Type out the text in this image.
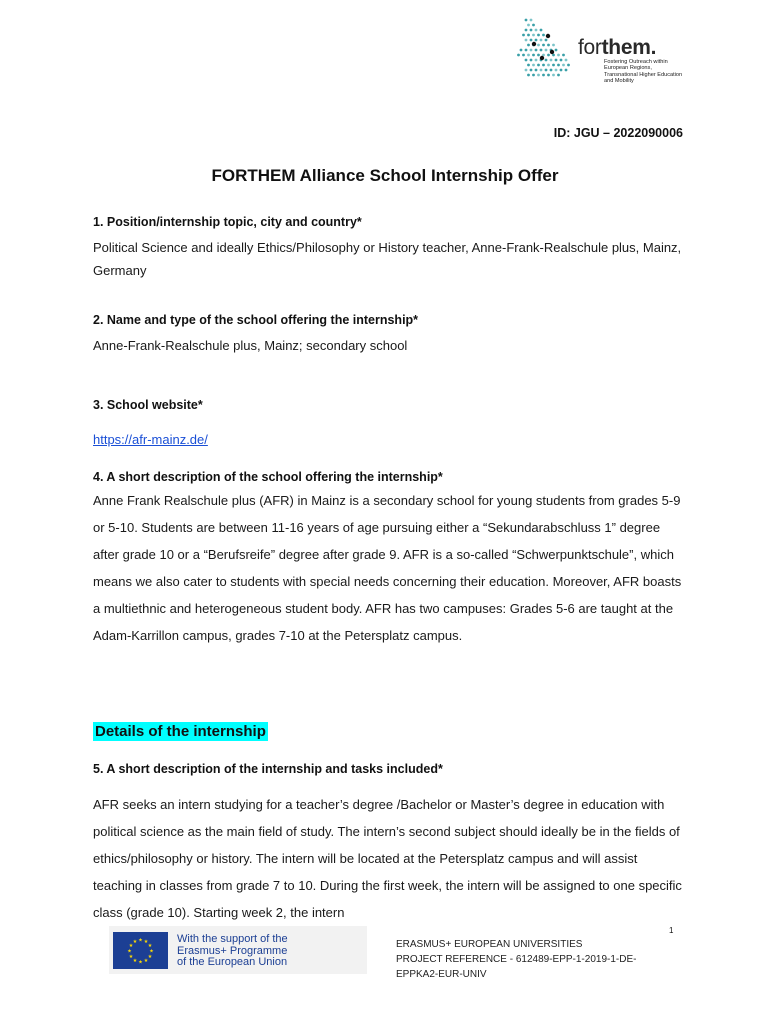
forthem.
Fostering Outreach within European Regions, Transnational Higher Education and Mobility
ID: JGU – 2022090006
FORTHEM Alliance School Internship Offer

1. Position/internship topic, city and country*

Political Science and ideally Ethics/Philosophy or History teacher, Anne-Frank-Realschule plus, Mainz, Germany

2. Name and type of the school offering the internship*

Anne-Frank-Realschule plus, Mainz; secondary school

3. School website*

https://afr-mainz.de/

4. A short description of the school offering the internship*

Anne Frank Realschule plus (AFR) in Mainz is a secondary school for young students from grades 5-9 or 5-10. Students are between 11-16 years of age pursuing either a “Sekundarabschluss 1” degree after grade 10 or a “Berufsreife” degree after grade 9. AFR is a so-called “Schwerpunktschule”, which means we also cater to students with special needs concerning their education. Moreover, AFR boasts a multiethnic and heterogeneous student body. AFR has two campuses: Grades 5-6 are taught at the Adam-Karrillon campus, grades 7-10 at the Petersplatz campus.

Details of the internship

5. A short description of the internship and tasks included*

AFR seeks an intern studying for a teacher’s degree /Bachelor or Master’s degree in education with political science as the main field of study. The intern’s second subject should ideally be in the fields of ethics/philosophy or history. The intern will be located at the Petersplatz campus and will assist teaching in classes from grade 7 to 10. During the first week, the intern will be assigned to one specific class (grade 10). Starting week 2, the intern

★
★
★
★
★
★
★
★
★ ★ ★
★
With the support of the
Erasmus+ Programme
of the European Union
1
ERASMUS+ EUROPEAN UNIVERSITIES
PROJECT REFERENCE - 612489-EPP-1-2019-1-DE-EPPKA2-EUR-UNIV
